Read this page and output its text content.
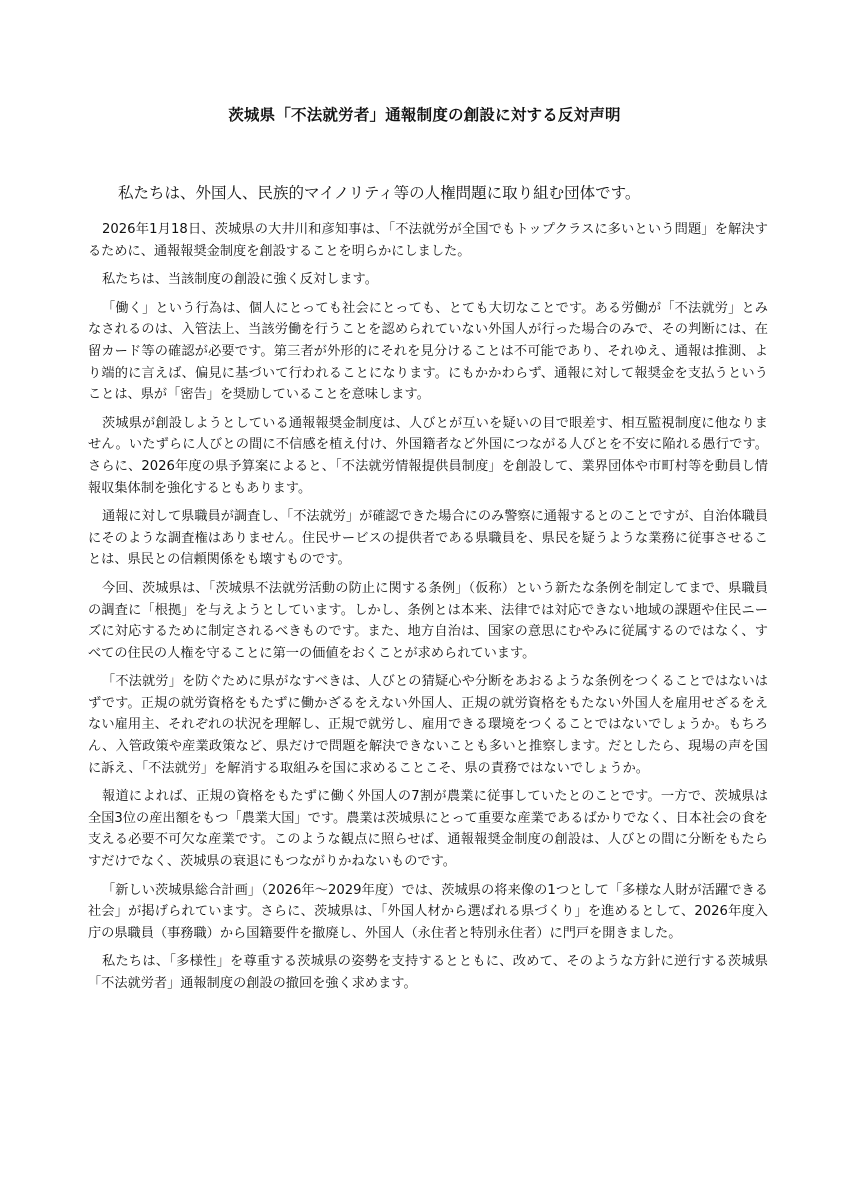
茨城県「不法就労者」通報制度の創設に対する反対声明

私たちは、外国人、民族的マイノリティ等の人権問題に取り組む団体です。

2026年1月18日、茨城県の大井川和彦知事は、「不法就労が全国でもトップクラスに多いという問題」を解決するために、通報報奨金制度を創設することを明らかにしました。

私たちは、当該制度の創設に強く反対します。

「働く」という行為は、個人にとっても社会にとっても、とても大切なことです。ある労働が「不法就労」とみなされるのは、入管法上、当該労働を行うことを認められていない外国人が行った場合のみで、その判断には、在留カード等の確認が必要です。第三者が外形的にそれを見分けることは不可能であり、それゆえ、通報は推測、より端的に言えば、偏見に基づいて行われることになります。にもかかわらず、通報に対して報奨金を支払うということは、県が「密告」を奨励していることを意味します。

茨城県が創設しようとしている通報報奨金制度は、人びとが互いを疑いの目で眼差す、相互監視制度に他なりません。いたずらに人びとの間に不信感を植え付け、外国籍者など外国につながる人びとを不安に陥れる愚行です。さらに、2026年度の県予算案によると、「不法就労情報提供員制度」を創設して、業界団体や市町村等を動員し情報収集体制を強化するともあります。

通報に対して県職員が調査し、「不法就労」が確認できた場合にのみ警察に通報するとのことですが、自治体職員にそのような調査権はありません。住民サービスの提供者である県職員を、県民を疑うような業務に従事させることは、県民との信頼関係をも壊すものです。

今回、茨城県は、「茨城県不法就労活動の防止に関する条例」（仮称）という新たな条例を制定してまで、県職員の調査に「根拠」を与えようとしています。しかし、条例とは本来、法律では対応できない地域の課題や住民ニーズに対応するために制定されるべきものです。また、地方自治は、国家の意思にむやみに従属するのではなく、すべての住民の人権を守ることに第一の価値をおくことが求められています。

「不法就労」を防ぐために県がなすべきは、人びとの猜疑心や分断をあおるような条例をつくることではないはずです。正規の就労資格をもたずに働かざるをえない外国人、正規の就労資格をもたない外国人を雇用せざるをえない雇用主、それぞれの状況を理解し、正規で就労し、雇用できる環境をつくることではないでしょうか。もちろん、入管政策や産業政策など、県だけで問題を解決できないことも多いと推察します。だとしたら、現場の声を国に訴え、「不法就労」を解消する取組みを国に求めることこそ、県の責務ではないでしょうか。

報道によれば、正規の資格をもたずに働く外国人の7割が農業に従事していたとのことです。一方で、茨城県は全国3位の産出額をもつ「農業大国」です。農業は茨城県にとって重要な産業であるばかりでなく、日本社会の食を支える必要不可欠な産業です。このような観点に照らせば、通報報奨金制度の創設は、人びとの間に分断をもたらすだけでなく、茨城県の衰退にもつながりかねないものです。

「新しい茨城県総合計画」（2026年～2029年度）では、茨城県の将来像の1つとして「多様な人財が活躍できる社会」が掲げられています。さらに、茨城県は、「外国人材から選ばれる県づくり」を進めるとして、2026年度入庁の県職員（事務職）から国籍要件を撤廃し、外国人（永住者と特別永住者）に門戸を開きました。

私たちは、「多様性」を尊重する茨城県の姿勢を支持するとともに、改めて、そのような方針に逆行する茨城県「不法就労者」通報制度の創設の撤回を強く求めます。
